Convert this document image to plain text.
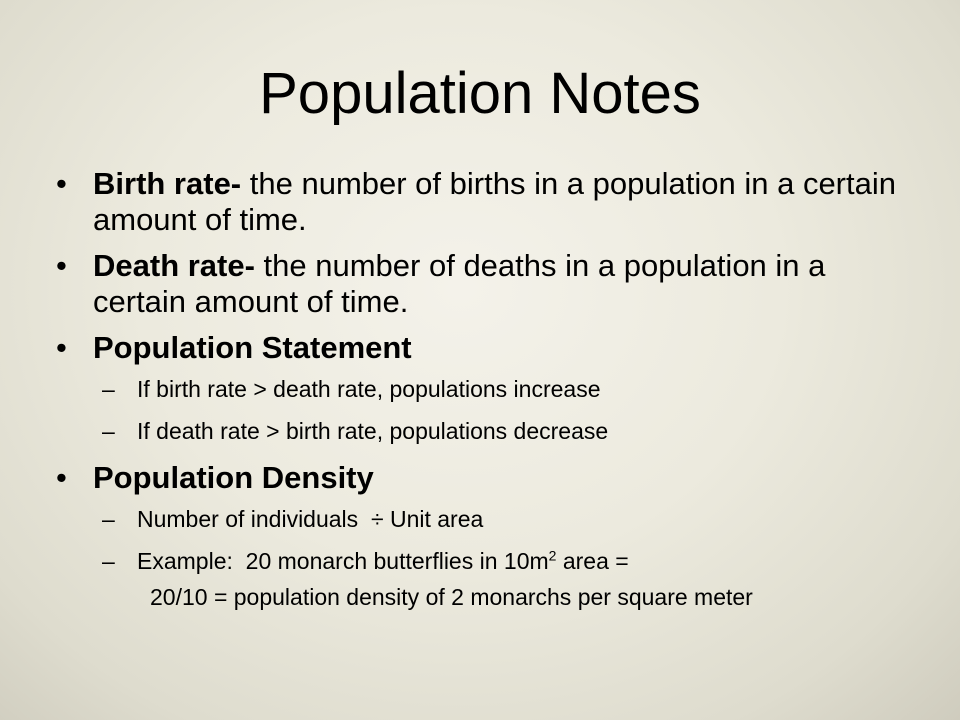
Population Notes
• Birth rate- the number of births in a population in a certain amount of time.
• Death rate- the number of deaths in a population in a certain amount of time.
• Population Statement
– If birth rate > death rate, populations increase
– If death rate > birth rate, populations decrease
• Population Density
– Number of individuals  ÷ Unit area
– Example:  20 monarch butterflies in $10m^2$ area =
20/10 = population density of 2 monarchs per square meter
